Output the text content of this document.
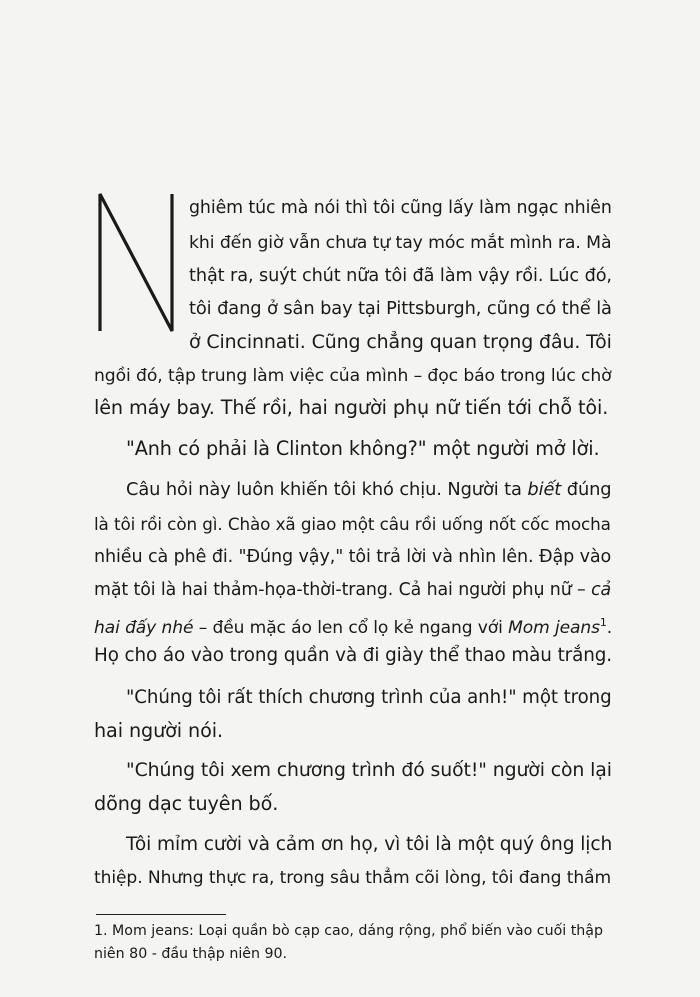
ghiêm túc mà nói thì tôi cũng lấy làm ngạc nhiên
khi đến giờ vẫn chưa tự tay móc mắt mình ra. Mà
thật ra, suýt chút nữa tôi đã làm vậy rồi. Lúc đó,
tôi đang ở sân bay tại Pittsburgh, cũng có thể là
ở Cincinnati. Cũng chẳng quan trọng đâu. Tôi
ngồi đó, tập trung làm việc của mình – đọc báo trong lúc chờ
lên máy bay. Thế rồi, hai người phụ nữ tiến tới chỗ tôi.
"Anh có phải là Clinton không?" một người mở lời.
Câu hỏi này luôn khiến tôi khó chịu. Người ta biết đúng
là tôi rồi còn gì. Chào xã giao một câu rồi uống nốt cốc mocha
nhiều cà phê đi. "Đúng vậy," tôi trả lời và nhìn lên. Đập vào
mặt tôi là hai thảm-họa-thời-trang. Cả hai người phụ nữ – cả
hai đấy nhé – đều mặc áo len cổ lọ kẻ ngang với Mom jeans$^1$.
Họ cho áo vào trong quần và đi giày thể thao màu trắng.
"Chúng tôi rất thích chương trình của anh!" một trong
hai người nói.
"Chúng tôi xem chương trình đó suốt!" người còn lại
dõng dạc tuyên bố.
Tôi mỉm cười và cảm ơn họ, vì tôi là một quý ông lịch
thiệp. Nhưng thực ra, trong sâu thẳm cõi lòng, tôi đang thầm
1. Mom jeans: Loại quần bò cạp cao, dáng rộng, phổ biến vào cuối thập
niên 80 - đầu thập niên 90.
